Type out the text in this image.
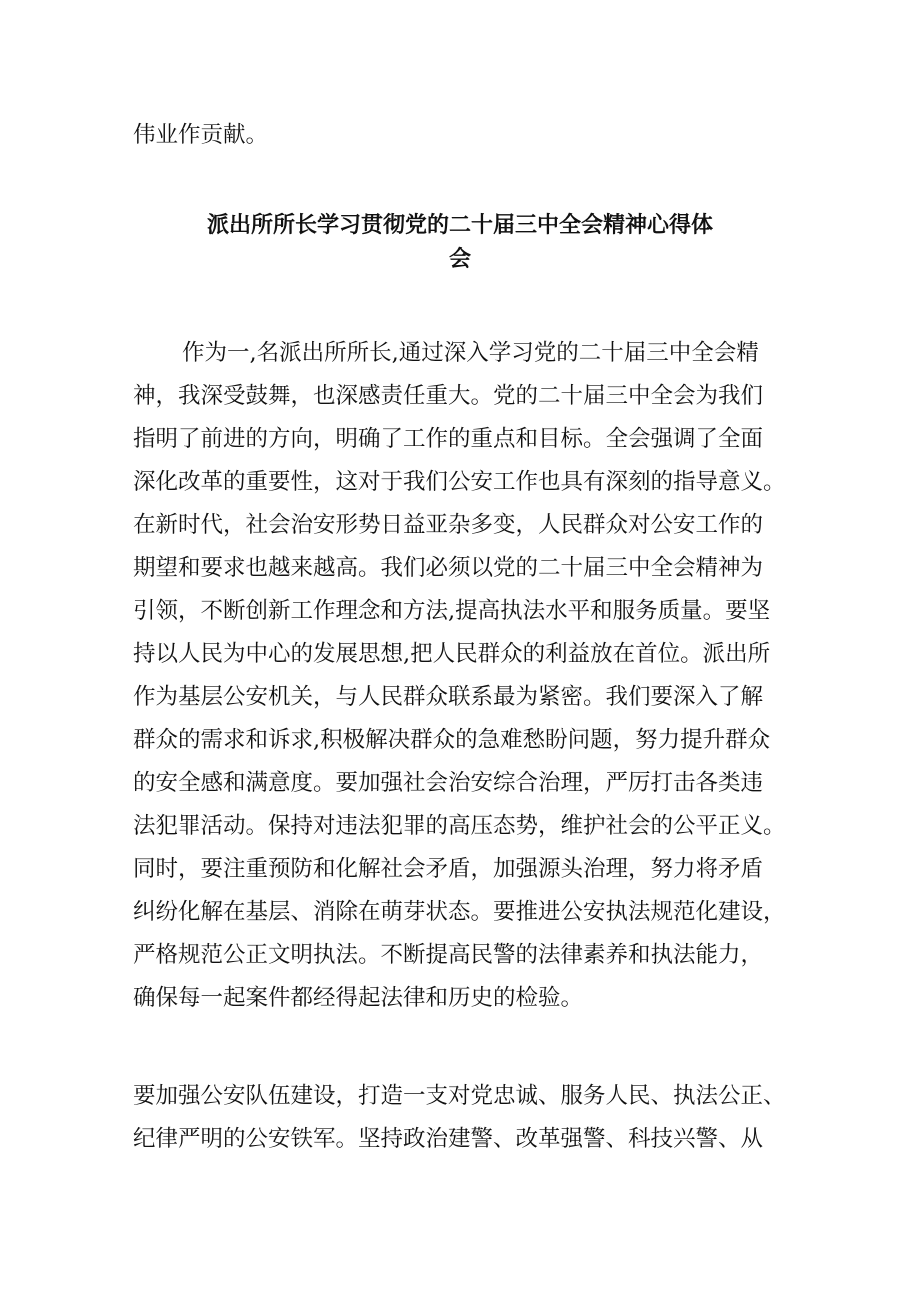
伟业作贡献。

派出所所长学习贯彻党的二十届三中全会精神心得体

会

作为一,名派出所所长,通过深入学习党的二十届三中全会精

神，我深受鼓舞，也深感责任重大。党的二十届三中全会为我们

指明了前进的方向，明确了工作的重点和目标。全会强调了全面

深化改革的重要性，这对于我们公安工作也具有深刻的指导意义。

在新时代，社会治安形势日益亚杂多变，人民群众对公安工作的

期望和要求也越来越高。我们必须以党的二十届三中全会精神为

引领，不断创新工作理念和方法,提高执法水平和服务质量。要坚

持以人民为中心的发展思想,把人民群众的利益放在首位。派出所

作为基层公安机关，与人民群众联系最为紧密。我们要深入了解

群众的需求和诉求,积极解决群众的急难愁盼问题，努力提升群众

的安全感和满意度。要加强社会治安综合治理，严厉打击各类违

法犯罪活动。保持对违法犯罪的高压态势，维护社会的公平正义。

同时，要注重预防和化解社会矛盾，加强源头治理，努力将矛盾

纠纷化解在基层、消除在萌芽状态。要推进公安执法规范化建设，

严格规范公正文明执法。不断提高民警的法律素养和执法能力，

确保每一起案件都经得起法律和历史的检验。

要加强公安队伍建设，打造一支对党忠诚、服务人民、执法公正、

纪律严明的公安铁军。坚持政治建警、改革强警、科技兴警、从
